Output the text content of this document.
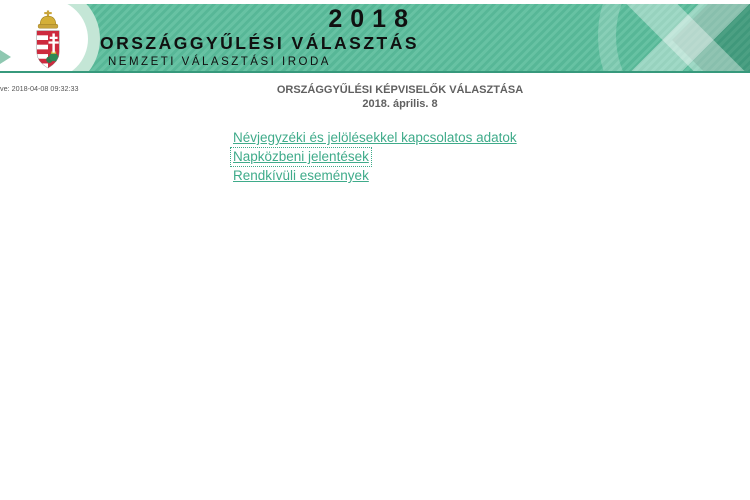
2018
ORSZÁGGYŰLÉSI VÁLASZTÁS
NEMZETI VÁLASZTÁSI IRODA
ve: 2018-04-08 09:32:33	ORSZÁGGYŰLÉSI KÉPVISELŐK VÁLASZTÁSA
2018. április. 8
Névjegyzéki és jelölésekkel kapcsolatos adatok
Napközbeni jelentések
Rendkívüli események
